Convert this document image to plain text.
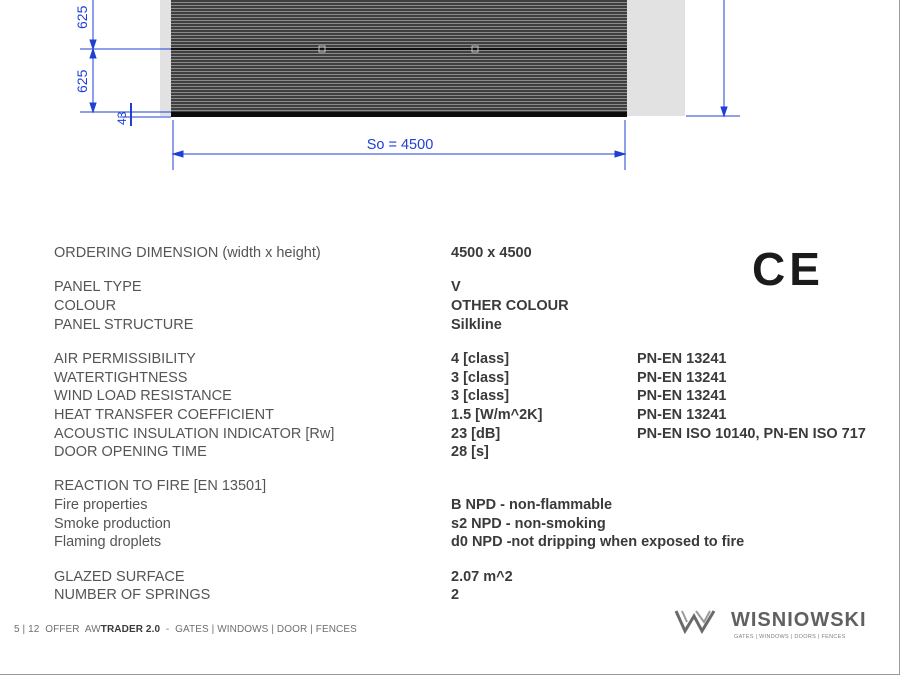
625
625
43
So = 4500
ORDERING DIMENSION (width x height)	4500 x 4500
PANEL TYPE	V
COLOUR	OTHER COLOUR
PANEL STRUCTURE	Silkline
AIR PERMISSIBILITY	4 [class]	PN-EN 13241
WATERTIGHTNESS	3 [class]	PN-EN 13241
WIND LOAD RESISTANCE	3 [class]	PN-EN 13241
HEAT TRANSFER COEFFICIENT	1.5 [W/m^2K]	PN-EN 13241
ACOUSTIC INSULATION INDICATOR [Rw]	23 [dB]	PN-EN ISO 10140, PN-EN ISO 717
DOOR OPENING TIME	28 [s]
REACTION TO FIRE [EN 13501]
Fire properties	B NPD - non-flammable
Smoke production	s2 NPD - non-smoking
Flaming droplets	d0 NPD -not dripping when exposed to fire
GLAZED SURFACE	2.07 m^2
NUMBER OF SPRINGS	2
CE
5 | 12 OFFER AWTRADER 2.0 - GATES | WINDOWS | DOOR | FENCES	WISNIOWSKI
GATES | WINDOWS | DOORS | FENCES
